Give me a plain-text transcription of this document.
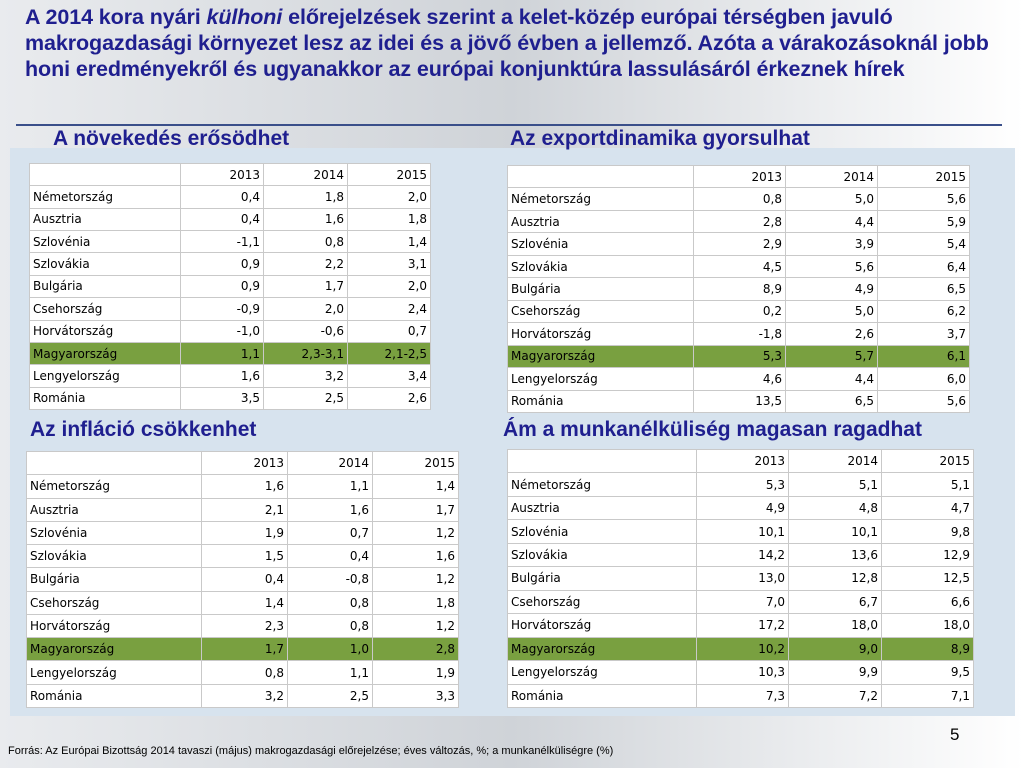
A 2014 kora nyári külhoni előrejelzések szerint a kelet-közép európai térségben javuló makrogazdasági környezet lesz az idei és a jövő évben a jellemző. Azóta a várakozásoknál jobb honi eredményekről és ugyanakkor az európai konjunktúra lassulásáról érkeznek hírek
A növekedés erősödhet	Az exportdinamika gyorsulhat
Az infláció csökkenhet	Ám a munkanélküliség magasan ragadhat
	2013	2014	2015
Németország	0,4	1,8	2,0
Ausztria	0,4	1,6	1,8
Szlovénia	-1,1	0,8	1,4
Szlovákia	0,9	2,2	3,1
Bulgária	0,9	1,7	2,0
Csehország	-0,9	2,0	2,4
Horvátország	-1,0	-0,6	0,7
Magyarország	1,1	2,3-3,1	2,1-2,5
Lengyelország	1,6	3,2	3,4
Románia	3,5	2,5	2,6
	2013	2014	2015
Németország	0,8	5,0	5,6
Ausztria	2,8	4,4	5,9
Szlovénia	2,9	3,9	5,4
Szlovákia	4,5	5,6	6,4
Bulgária	8,9	4,9	6,5
Csehország	0,2	5,0	6,2
Horvátország	-1,8	2,6	3,7
Magyarország	5,3	5,7	6,1
Lengyelország	4,6	4,4	6,0
Románia	13,5	6,5	5,6
	2013	2014	2015
Németország	1,6	1,1	1,4
Ausztria	2,1	1,6	1,7
Szlovénia	1,9	0,7	1,2
Szlovákia	1,5	0,4	1,6
Bulgária	0,4	-0,8	1,2
Csehország	1,4	0,8	1,8
Horvátország	2,3	0,8	1,2
Magyarország	1,7	1,0	2,8
Lengyelország	0,8	1,1	1,9
Románia	3,2	2,5	3,3
	2013	2014	2015
Németország	5,3	5,1	5,1
Ausztria	4,9	4,8	4,7
Szlovénia	10,1	10,1	9,8
Szlovákia	14,2	13,6	12,9
Bulgária	13,0	12,8	12,5
Csehország	7,0	6,7	6,6
Horvátország	17,2	18,0	18,0
Magyarország	10,2	9,0	8,9
Lengyelország	10,3	9,9	9,5
Románia	7,3	7,2	7,1
5
Forrás: Az Európai Bizottság 2014 tavaszi (május) makrogazdasági előrejelzése; éves változás, %; a munkanélküliségre (%)
